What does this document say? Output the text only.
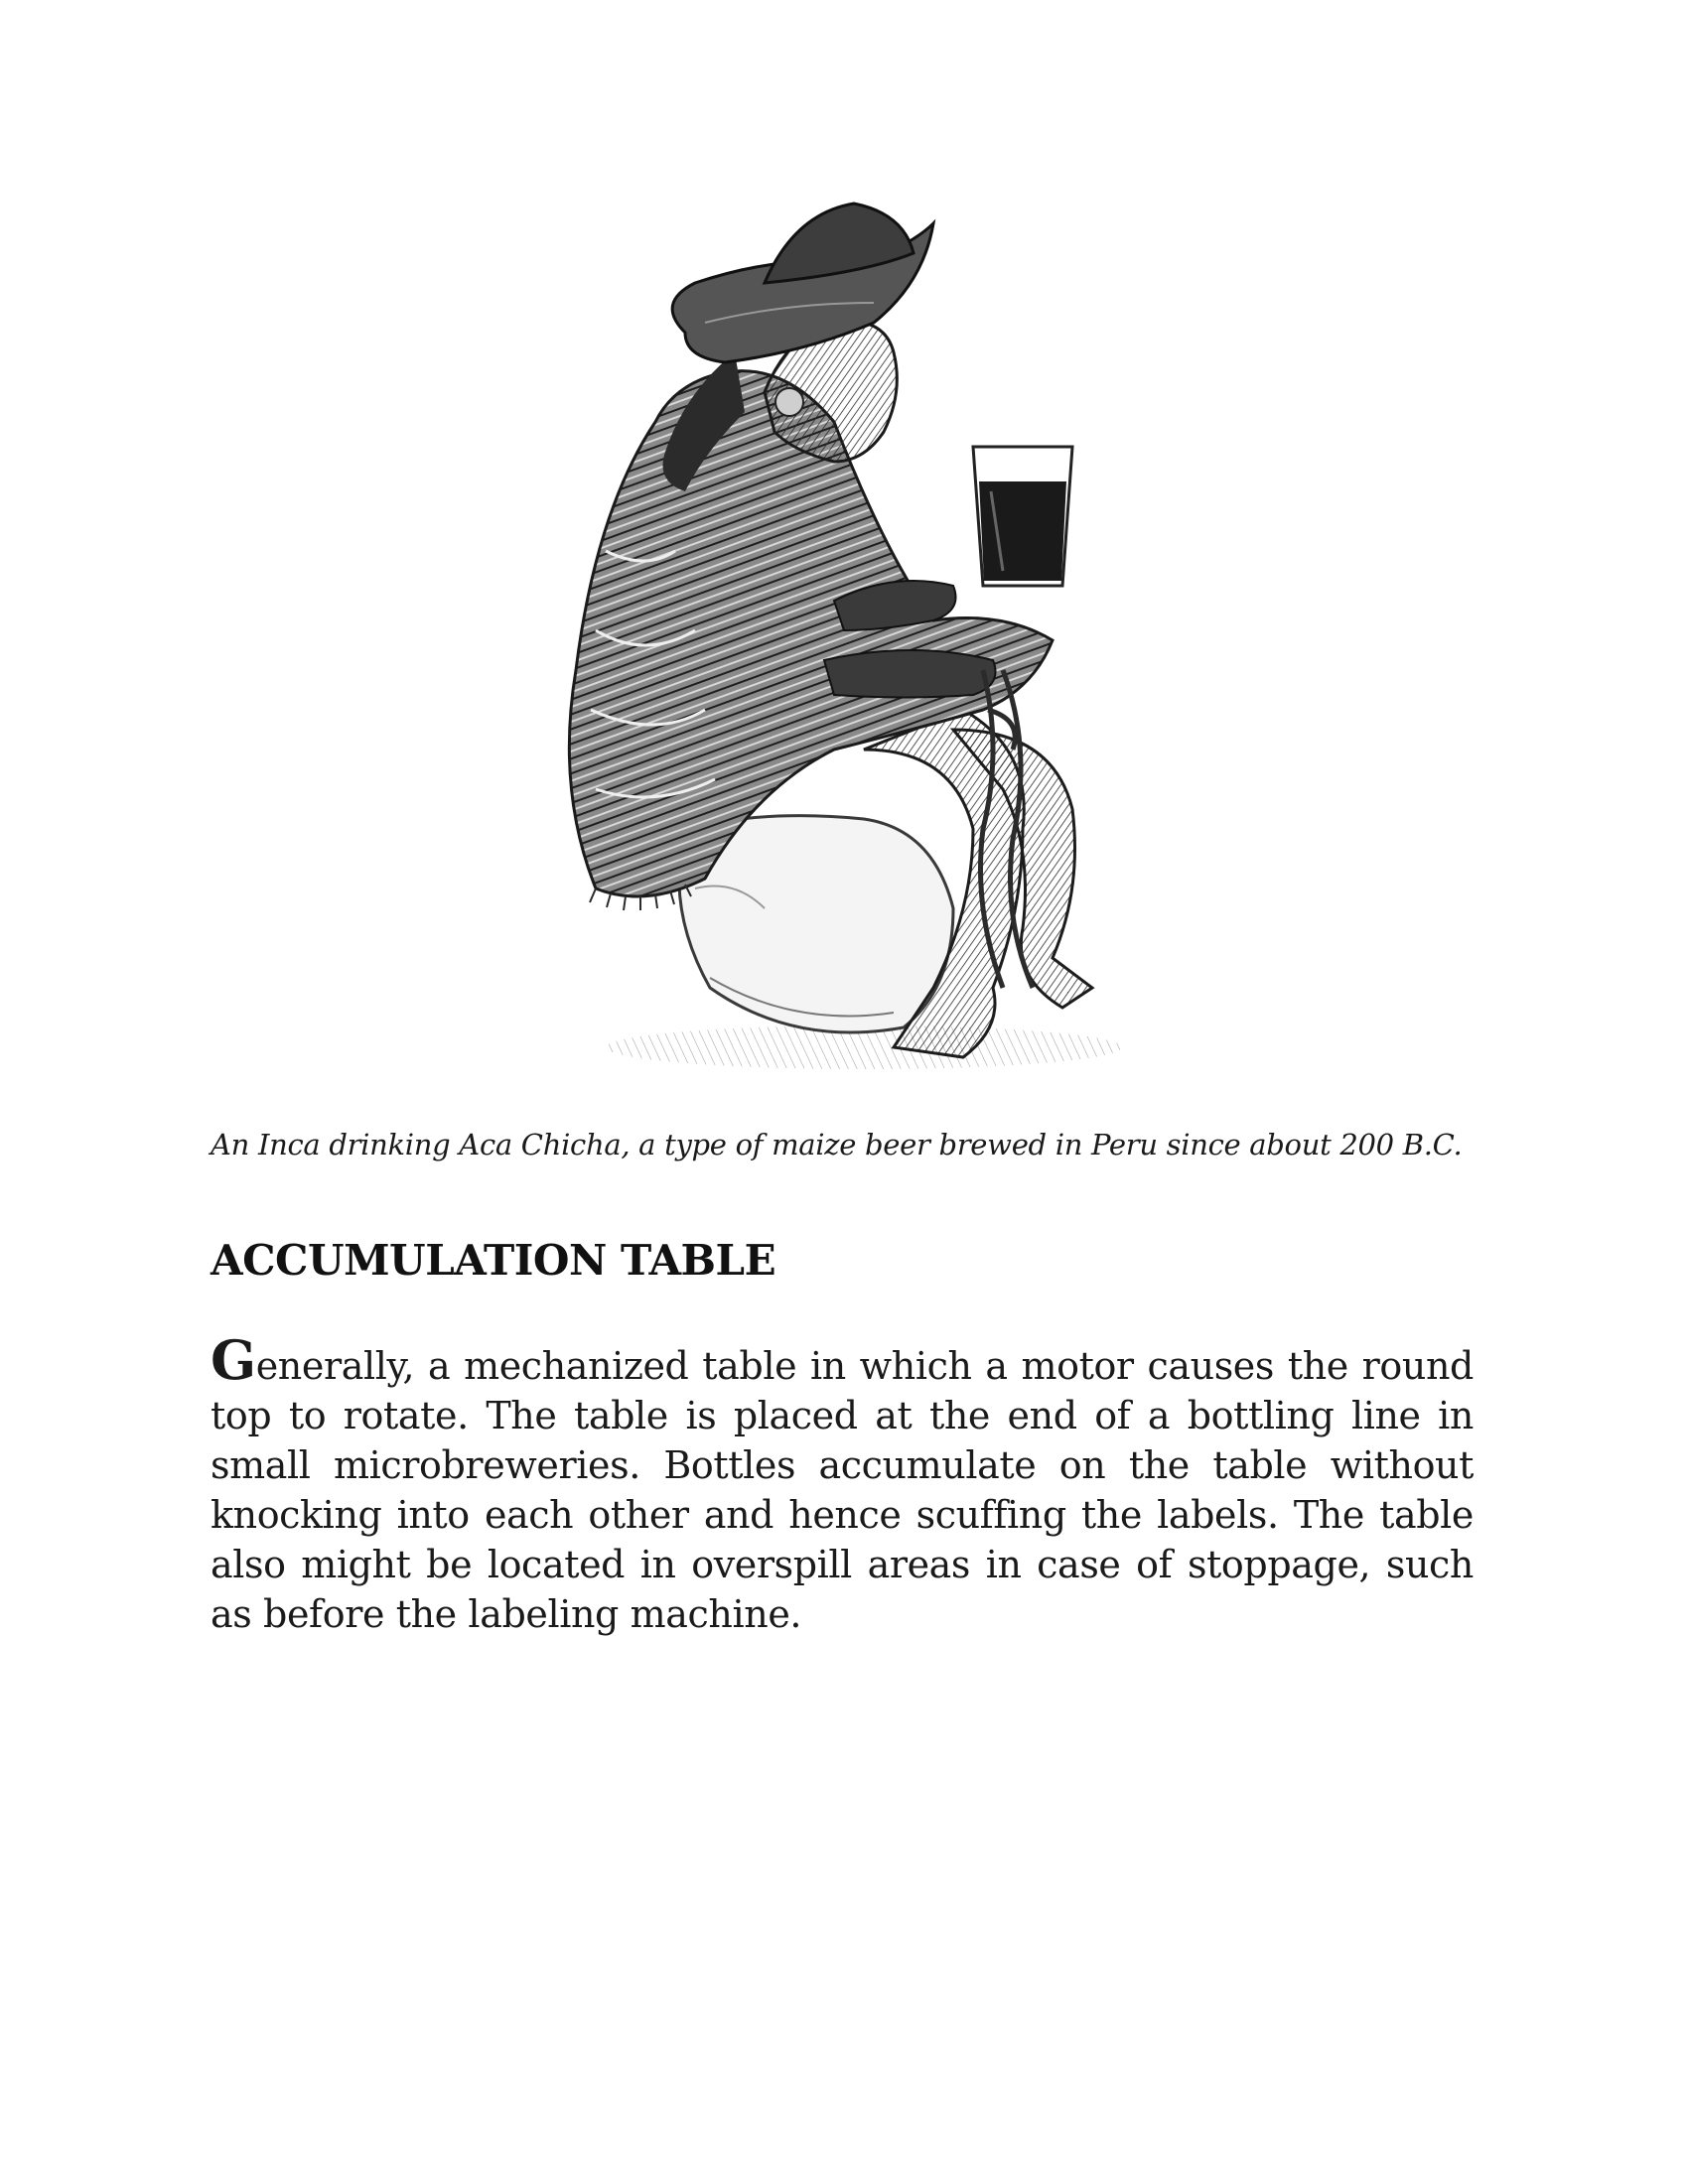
An Inca drinking Aca Chicha, a type of maize beer brewed in Peru since about 200 B.C.
ACCUMULATION TABLE

Generally, a mechanized table in which a motor causes the round top to rotate. The table is placed at the end of a bottling line in small microbreweries. Bottles accumulate on the table without knocking into each other and hence scuffing the labels. The table also might be located in overspill areas in case of stoppage, such as before the labeling machine.
